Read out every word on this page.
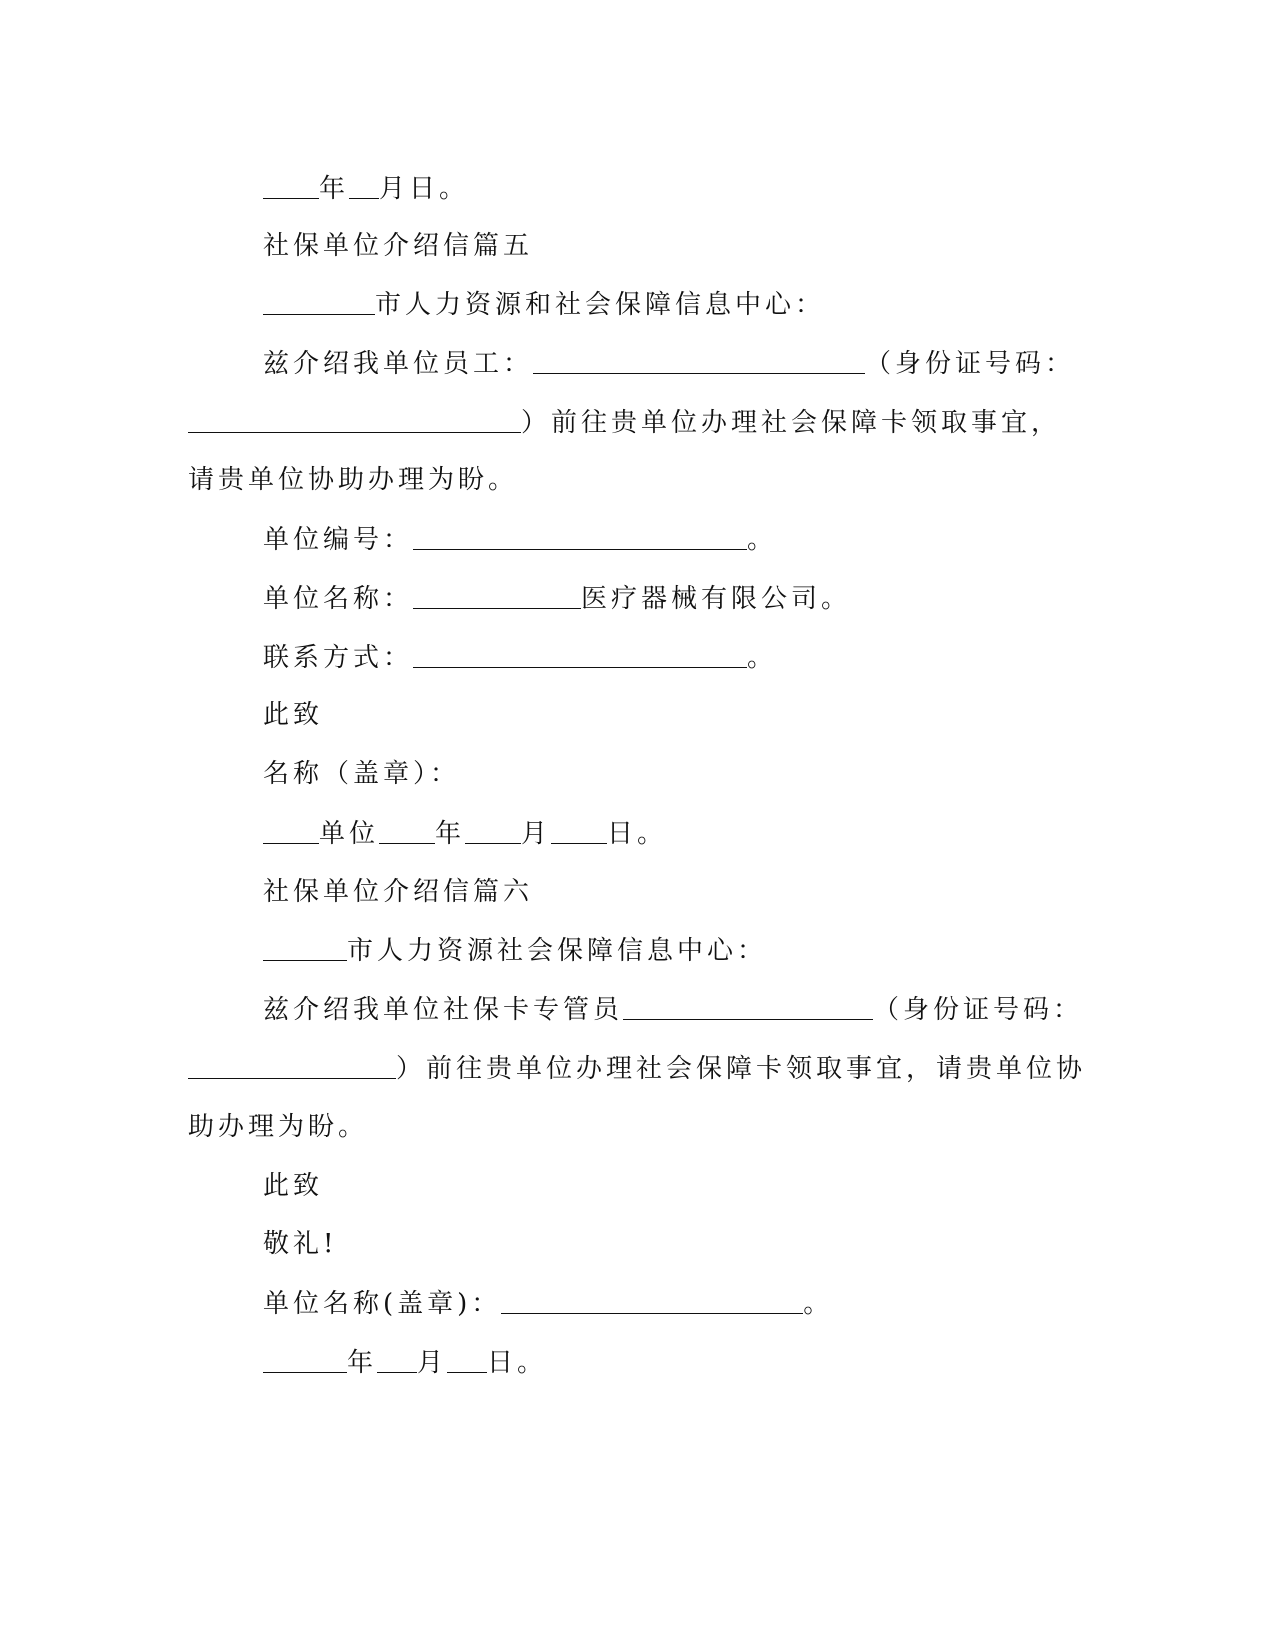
年 月日。
社保单位介绍信篇五
市人力资源和社会保障信息中心：
兹介绍我单位员工：	（身份证号码：
）前往贵单位办理社会保障卡领取事宜，
请贵单位协助办理为盼。
单位编号：	。
单位名称：	医疗器械有限公司。
联系方式：	。
此致
名称（盖章）：
单位 年 月 日。
社保单位介绍信篇六
市人力资源社会保障信息中心：
兹介绍我单位社保卡专管员	（身份证号码：
）前往贵单位办理社会保障卡领取事宜，请贵单位协
助办理为盼。
此致
敬礼!
单位名称(盖章)：	。
年 月 日。
